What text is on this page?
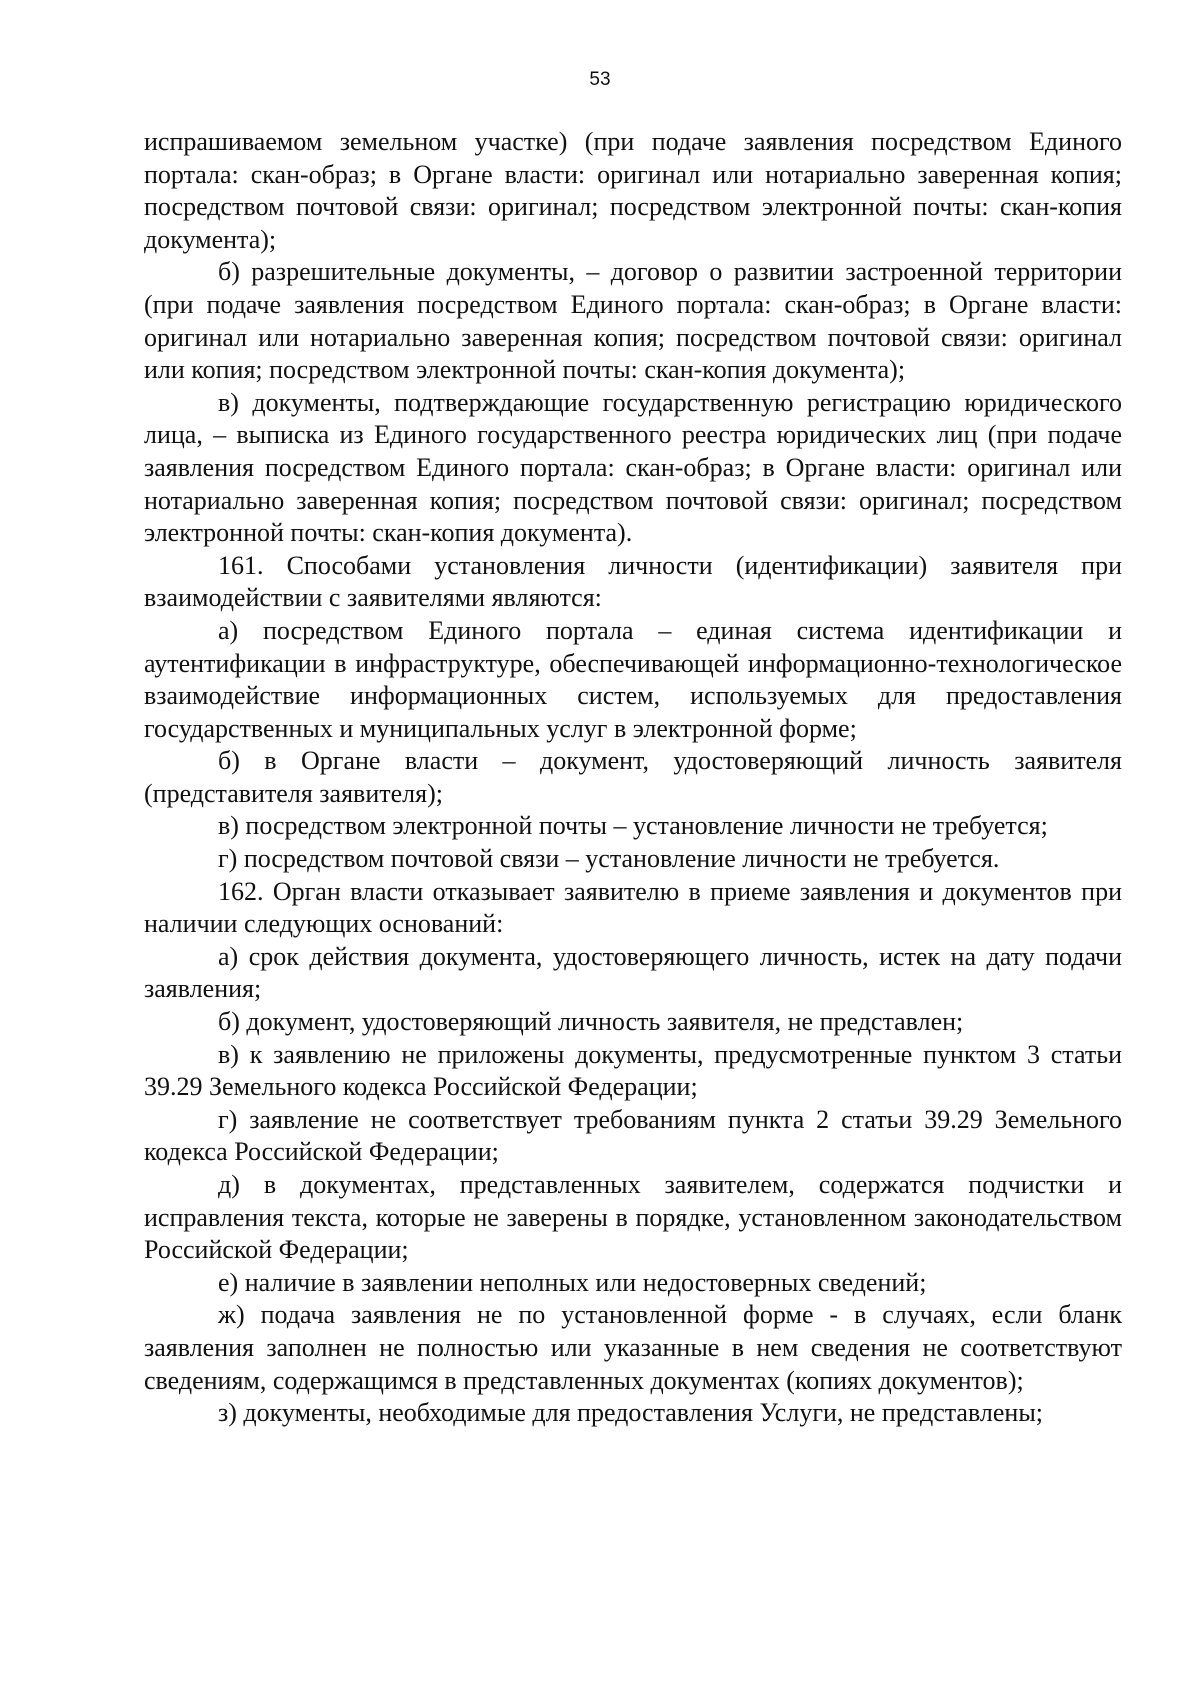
53

испрашиваемом земельном участке) (при подаче заявления посредством Единого портала: скан-образ; в Органе власти: оригинал или нотариально заверенная копия; посредством почтовой связи: оригинал; посредством электронной почты: скан-копия документа);

б) разрешительные документы, – договор о развитии застроенной территории (при подаче заявления посредством Единого портала: скан-образ; в Органе власти: оригинал или нотариально заверенная копия; посредством почтовой связи: оригинал или копия; посредством электронной почты: скан-копия документа);

в) документы, подтверждающие государственную регистрацию юридического лица, – выписка из Единого государственного реестра юридических лиц (при подаче заявления посредством Единого портала: скан-образ; в Органе власти: оригинал или нотариально заверенная копия; посредством почтовой связи: оригинал; посредством электронной почты: скан-копия документа).

161. Способами установления личности (идентификации) заявителя при взаимодействии с заявителями являются:

а) посредством Единого портала – единая система идентификации и аутентификации в инфраструктуре, обеспечивающей информационно-технологическое взаимодействие информационных систем, используемых для предоставления государственных и муниципальных услуг в электронной форме;

б) в Органе власти – документ, удостоверяющий личность заявителя (представителя заявителя);

в) посредством электронной почты – установление личности не требуется;

г) посредством почтовой связи – установление личности не требуется.

162. Орган власти отказывает заявителю в приеме заявления и документов при наличии следующих оснований:

а) срок действия документа, удостоверяющего личность, истек на дату подачи заявления;

б) документ, удостоверяющий личность заявителя, не представлен;

в) к заявлению не приложены документы, предусмотренные пунктом 3 статьи 39.29 Земельного кодекса Российской Федерации;

г) заявление не соответствует требованиям пункта 2 статьи 39.29 Земельного кодекса Российской Федерации;

д) в документах, представленных заявителем, содержатся подчистки и исправления текста, которые не заверены в порядке, установленном законодательством Российской Федерации;

е) наличие в заявлении неполных или недостоверных сведений;

ж) подача заявления не по установленной форме - в случаях, если бланк заявления заполнен не полностью или указанные в нем сведения не соответствуют сведениям, содержащимся в представленных документах (копиях документов);

з) документы, необходимые для предоставления Услуги, не представлены;
